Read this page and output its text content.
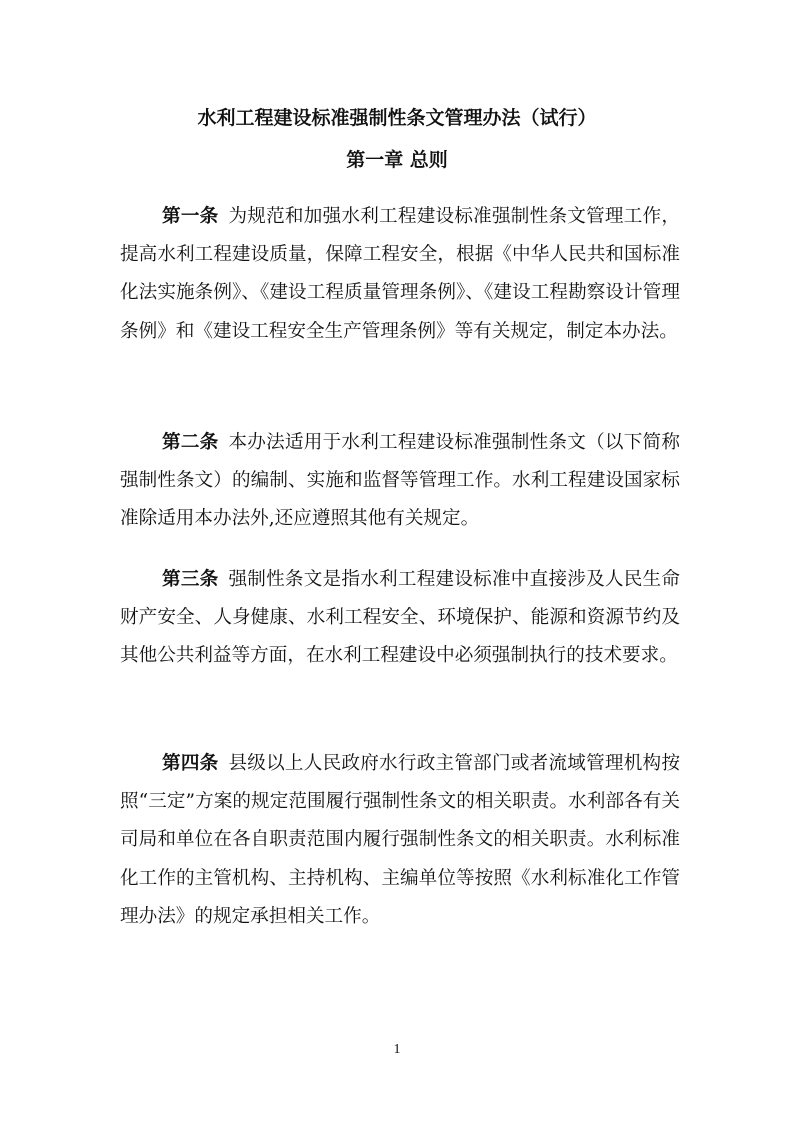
水利工程建设标准强制性条文管理办法（试行）
第一章 总则

第一条 为规范和加强水利工程建设标准强制性条文管理工作，提高水利工程建设质量，保障工程安全，根据《中华人民共和国标准化法实施条例》、《建设工程质量管理条例》、《建设工程勘察设计管理条例》和《建设工程安全生产管理条例》等有关规定，制定本办法。

第二条 本办法适用于水利工程建设标准强制性条文（以下简称强制性条文）的编制、实施和监督等管理工作。水利工程建设国家标准除适用本办法外,还应遵照其他有关规定。

第三条 强制性条文是指水利工程建设标准中直接涉及人民生命财产安全、人身健康、水利工程安全、环境保护、能源和资源节约及其他公共利益等方面，在水利工程建设中必须强制执行的技术要求。

第四条 县级以上人民政府水行政主管部门或者流域管理机构按照“三定”方案的规定范围履行强制性条文的相关职责。水利部各有关司局和单位在各自职责范围内履行强制性条文的相关职责。水利标准化工作的主管机构、主持机构、主编单位等按照《水利标准化工作管理办法》的规定承担相关工作。

1
